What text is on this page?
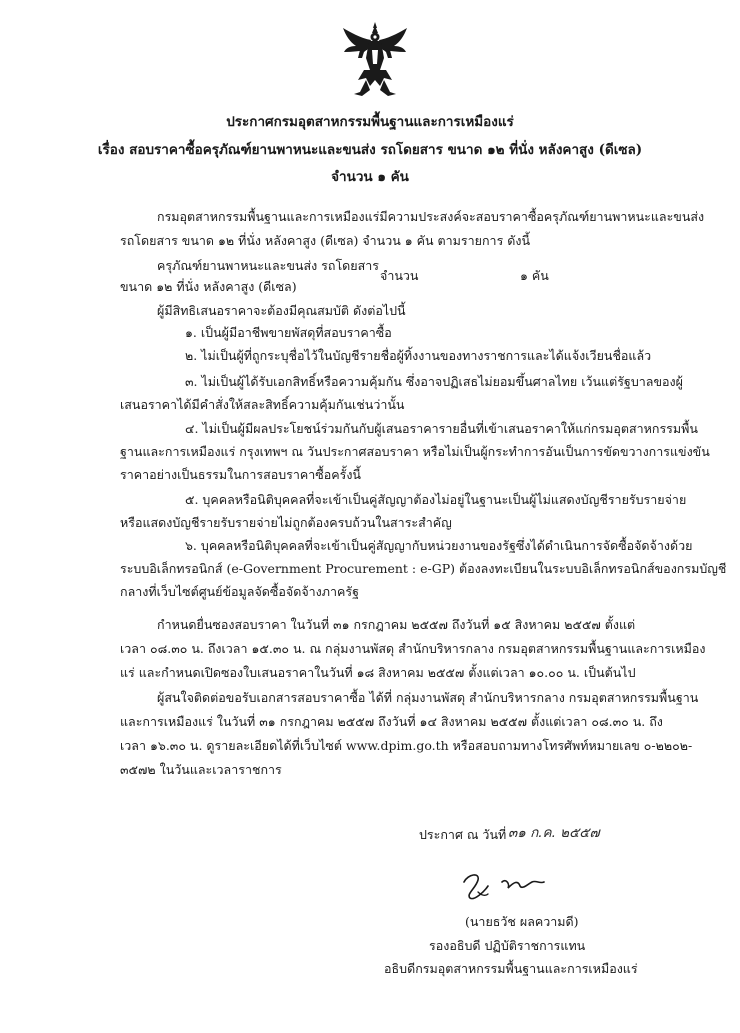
ประกาศกรมอุตสาหกรรมพื้นฐานและการเหมืองแร่
เรื่อง สอบราคาซื้อครุภัณฑ์ยานพาหนะและขนส่ง รถโดยสาร ขนาด ๑๒ ที่นั่ง หลังคาสูง (ดีเซล)
จำนวน ๑ คัน
กรมอุตสาหกรรมพื้นฐานและการเหมืองแร่มีความประสงค์จะสอบราคาซื้อครุภัณฑ์ยานพาหนะและขนส่ง
รถโดยสาร ขนาด ๑๒ ที่นั่ง หลังคาสูง (ดีเซล) จำนวน ๑ คัน ตามรายการ ดังนี้
ครุภัณฑ์ยานพาหนะและขนส่ง รถโดยสาร
จำนวน	๑ คัน
ขนาด ๑๒ ที่นั่ง หลังคาสูง (ดีเซล)
ผู้มีสิทธิเสนอราคาจะต้องมีคุณสมบัติ ดังต่อไปนี้
๑. เป็นผู้มีอาชีพขายพัสดุที่สอบราคาซื้อ
๒. ไม่เป็นผู้ที่ถูกระบุชื่อไว้ในบัญชีรายชื่อผู้ทิ้งงานของทางราชการและได้แจ้งเวียนชื่อแล้ว
๓. ไม่เป็นผู้ได้รับเอกสิทธิ์หรือความคุ้มกัน ซึ่งอาจปฏิเสธไม่ยอมขึ้นศาลไทย เว้นแต่รัฐบาลของผู้
เสนอราคาได้มีคำสั่งให้สละสิทธิ์ความคุ้มกันเช่นว่านั้น
๔. ไม่เป็นผู้มีผลประโยชน์ร่วมกันกับผู้เสนอราคารายอื่นที่เข้าเสนอราคาให้แก่กรมอุตสาหกรรมพื้น
ฐานและการเหมืองแร่ กรุงเทพฯ ณ วันประกาศสอบราคา หรือไม่เป็นผู้กระทำการอันเป็นการขัดขวางการแข่งขัน
ราคาอย่างเป็นธรรมในการสอบราคาซื้อครั้งนี้
๕. บุคคลหรือนิติบุคคลที่จะเข้าเป็นคู่สัญญาต้องไม่อยู่ในฐานะเป็นผู้ไม่แสดงบัญชีรายรับรายจ่าย
หรือแสดงบัญชีรายรับรายจ่ายไม่ถูกต้องครบถ้วนในสาระสำคัญ
๖. บุคคลหรือนิติบุคคลที่จะเข้าเป็นคู่สัญญากับหน่วยงานของรัฐซึ่งได้ดำเนินการจัดซื้อจัดจ้างด้วย
ระบบอิเล็กทรอนิกส์ (e-Government Procurement : e-GP) ต้องลงทะเบียนในระบบอิเล็กทรอนิกส์ของกรมบัญชี
กลางที่เว็บไซต์ศูนย์ข้อมูลจัดซื้อจัดจ้างภาครัฐ
กำหนดยื่นซองสอบราคา ในวันที่ ๓๑ กรกฎาคม ๒๕๕๗ ถึงวันที่ ๑๕ สิงหาคม ๒๕๕๗ ตั้งแต่
เวลา ๐๘.๓๐ น. ถึงเวลา ๑๕.๓๐ น. ณ กลุ่มงานพัสดุ สำนักบริหารกลาง กรมอุตสาหกรรมพื้นฐานและการเหมือง
แร่ และกำหนดเปิดซองใบเสนอราคาในวันที่ ๑๘ สิงหาคม ๒๕๕๗ ตั้งแต่เวลา ๑๐.๐๐ น. เป็นต้นไป
ผู้สนใจติดต่อขอรับเอกสารสอบราคาซื้อ ได้ที่ กลุ่มงานพัสดุ สำนักบริหารกลาง กรมอุตสาหกรรมพื้นฐาน
และการเหมืองแร่ ในวันที่ ๓๑ กรกฎาคม ๒๕๕๗ ถึงวันที่ ๑๔ สิงหาคม ๒๕๕๗ ตั้งแต่เวลา ๐๘.๓๐ น. ถึง
เวลา ๑๖.๓๐ น. ดูรายละเอียดได้ที่เว็บไซต์ www.dpim.go.th หรือสอบถามทางโทรศัพท์หมายเลข ๐-๒๒๐๒-
๓๕๗๒ ในวันและเวลาราชการ
ประกาศ ณ วันที่ ๓๑ ก.ค. ๒๕๕๗
(นายธวัช ผลความดี)
รองอธิบดี ปฏิบัติราชการแทน
อธิบดีกรมอุตสาหกรรมพื้นฐานและการเหมืองแร่
